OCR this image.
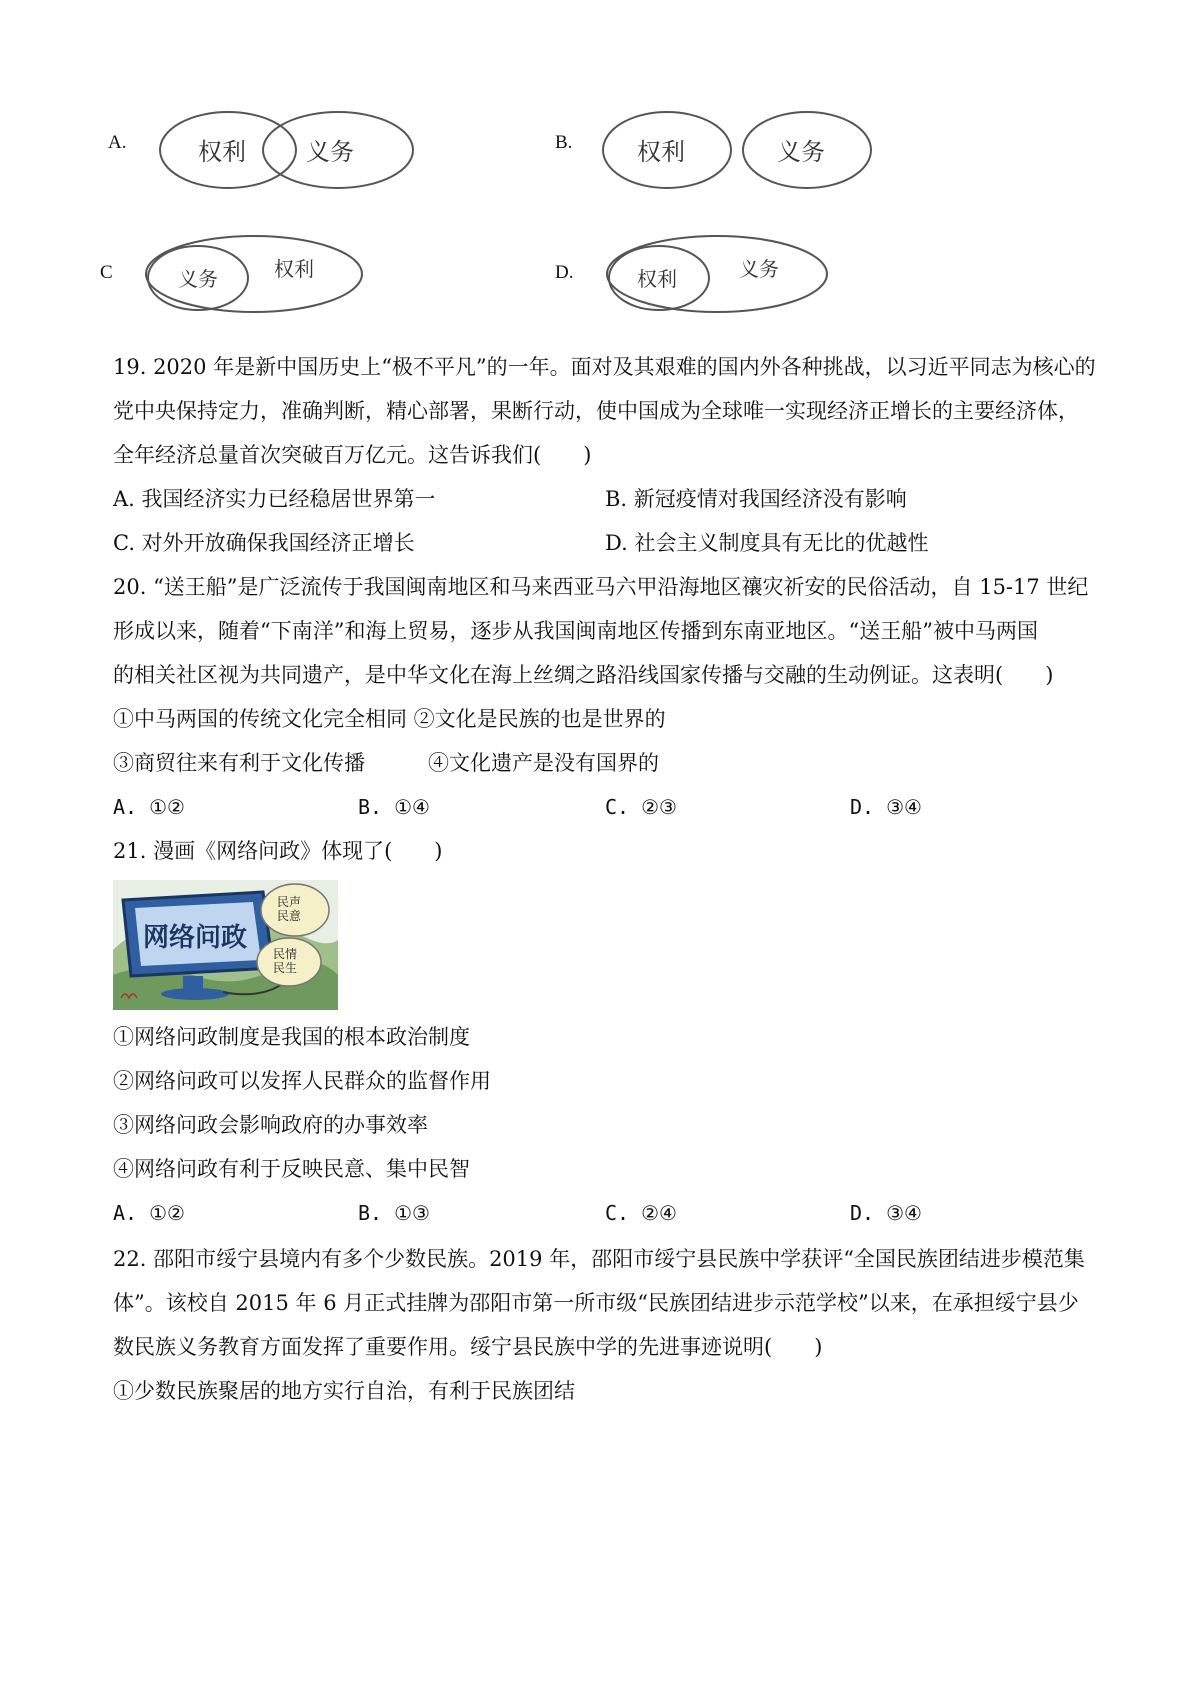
A.	权利	义务	B.	权利	义务
C	义务	权利	D.	权利	义务
19. 2020 年是新中国历史上“极不平凡”的一年。面对及其艰难的国内外各种挑战，以习近平同志为核心的
党中央保持定力，准确判断，精心部署，果断行动，使中国成为全球唯一实现经济正增长的主要经济体，
全年经济总量首次突破百万亿元。这告诉我们(　　)
A. 我国经济实力已经稳居世界第一	B. 新冠疫情对我国经济没有影响
C. 对外开放确保我国经济正增长	D. 社会主义制度具有无比的优越性
20. “送王船”是广泛流传于我国闽南地区和马来西亚马六甲沿海地区禳灾祈安的民俗活动，自 15-17 世纪
形成以来，随着“下南洋”和海上贸易，逐步从我国闽南地区传播到东南亚地区。“送王船”被中马两国
的相关社区视为共同遗产，是中华文化在海上丝绸之路沿线国家传播与交融的生动例证。这表明(　　)
①中马两国的传统文化完全相同 ②文化是民族的也是世界的
③商贸往来有利于文化传播　　　④文化遗产是没有国界的
A. ①②	B. ①④	C. ②③	D. ③④
21. 漫画《网络问政》体现了(　　)
网络问政
民声民意
民情民生
①网络问政制度是我国的根本政治制度
②网络问政可以发挥人民群众的监督作用
③网络问政会影响政府的办事效率
④网络问政有利于反映民意、集中民智
A. ①②	B. ①③	C. ②④	D. ③④
22. 邵阳市绥宁县境内有多个少数民族。2019 年，邵阳市绥宁县民族中学获评“全国民族团结进步模范集
体”。该校自 2015 年 6 月正式挂牌为邵阳市第一所市级“民族团结进步示范学校”以来，在承担绥宁县少
数民族义务教育方面发挥了重要作用。绥宁县民族中学的先进事迹说明(　　)
①少数民族聚居的地方实行自治，有利于民族团结
